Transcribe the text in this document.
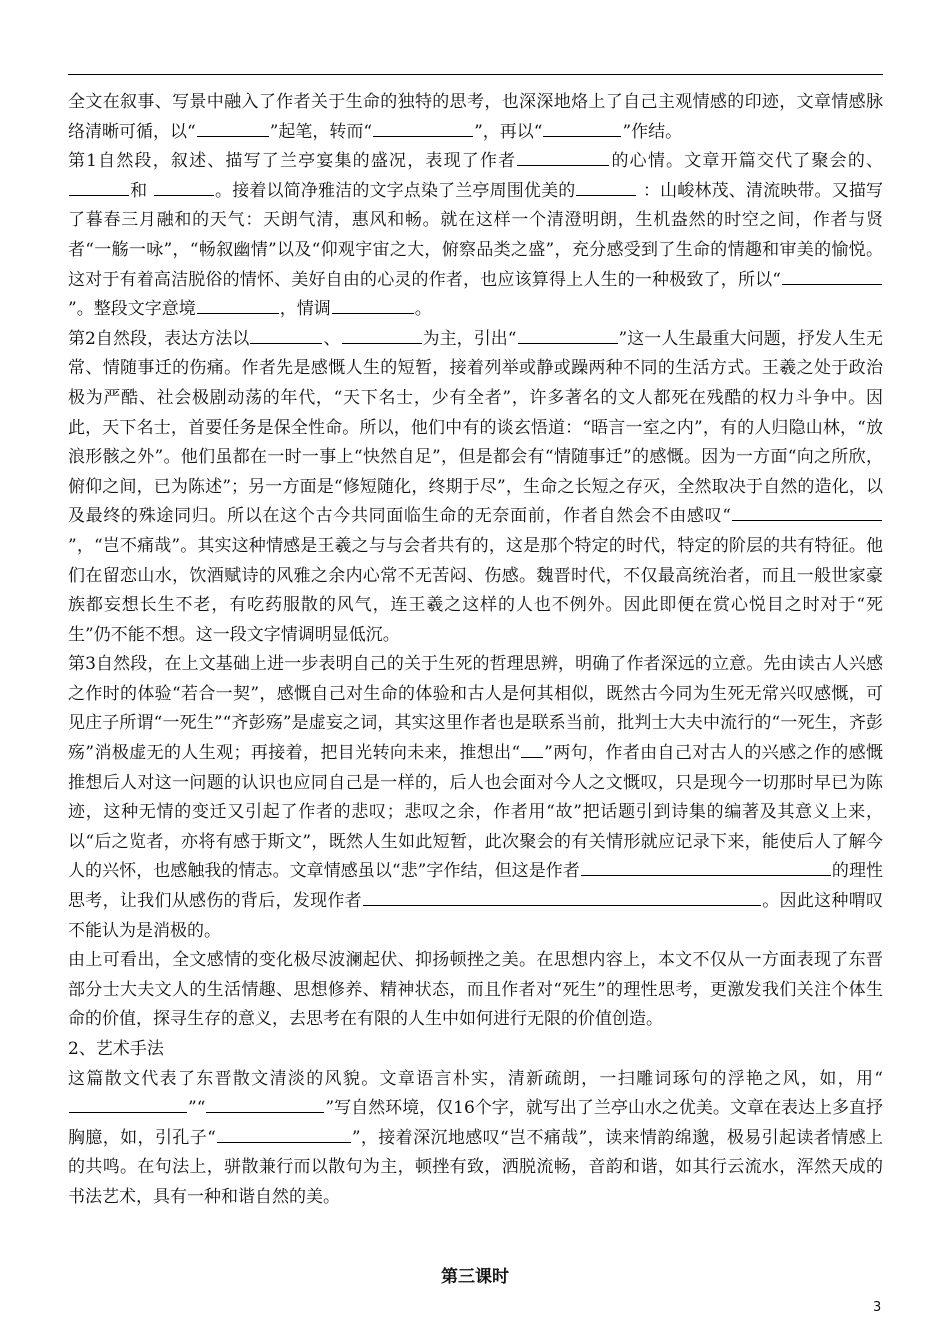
全文在叙事、写景中融入了作者关于生命的独特的思考，也深深地烙上了自己主观情感的印迹，文章情感脉络清晰可循，以“	”起笔，转而“	”，再以“	”作结。

第1自然段，叙述、描写了兰亭宴集的盛况，表现了作者	的心情。文章开篇交代了聚会的、和	。接着以简净雅洁的文字点染了兰亭周围优美的	：山峻林茂、清流映带。又描写了暮春三月融和的天气：天朗气清，惠风和畅。就在这样一个清澄明朗，生机盎然的时空之间，作者与贤者“一觞一咏”，“畅叙幽情”以及“仰观宇宙之大，俯察品类之盛”，充分感受到了生命的情趣和审美的愉悦。这对于有着高洁脱俗的情怀、美好自由的心灵的作者，也应该算得上人生的一种极致了，所以“”。整段文字意境	，情调	。

第2自然段，表达方法以	、	为主，引出“	”这一人生最重大问题，抒发人生无常、情随事迁的伤痛。作者先是感慨人生的短暂，接着列举或静或躁两种不同的生活方式。王羲之处于政治极为严酷、社会极剧动荡的年代，“天下名士，少有全者”，许多著名的文人都死在残酷的权力斗争中。因此，天下名士，首要任务是保全性命。所以，他们中有的谈玄悟道：“晤言一室之内”，有的人归隐山林，“放浪形骸之外”。他们虽都在一时一事上“快然自足”，但是都会有“情随事迁”的感慨。因为一方面“向之所欣，俯仰之间，已为陈述”；另一方面是“修短随化，终期于尽”，生命之长短之存灭，全然取决于自然的造化，以及最终的殊途同归。所以在这个古今共同面临生命的无奈面前，作者自然会不由感叹“”，“岂不痛哉”。其实这种情感是王羲之与与会者共有的，这是那个特定的时代，特定的阶层的共有特征。他们在留恋山水，饮酒赋诗的风雅之余内心常不无苦闷、伤感。魏晋时代，不仅最高统治者，而且一般世家豪族都妄想长生不老，有吃药服散的风气，连王羲之这样的人也不例外。因此即便在赏心悦目之时对于“死生”仍不能不想。这一段文字情调明显低沉。

第3自然段，在上文基础上进一步表明自己的关于生死的哲理思辨，明确了作者深远的立意。先由读古人兴感之作时的体验“若合一契”，感慨自己对生命的体验和古人是何其相似，既然古今同为生死无常兴叹感慨，可见庄子所谓“一死生”“齐彭殇”是虚妄之词，其实这里作者也是联系当前，批判士大夫中流行的“一死生，齐彭殇”消极虚无的人生观；再接着，把目光转向未来，推想出“ ”两句，作者由自己对古人的兴感之作的感慨推想后人对这一问题的认识也应同自己是一样的，后人也会面对今人之文慨叹，只是现今一切那时早已为陈迹，这种无情的变迁又引起了作者的悲叹；悲叹之余，作者用“故”把话题引到诗集的编著及其意义上来，以“后之览者，亦将有感于斯文”，既然人生如此短暂，此次聚会的有关情形就应记录下来，能使后人了解今人的兴怀，也感触我的情志。文章情感虽以“悲”字作结，但这是作者	的理性思考，让我们从感伤的背后，发现作者	。因此这种喟叹不能认为是消极的。

由上可看出，全文感情的变化极尽波澜起伏、抑扬顿挫之美。在思想内容上，本文不仅从一方面表现了东晋部分士大夫文人的生活情趣、思想修养、精神状态，而且作者对“死生”的理性思考，更激发我们关注个体生命的价值，探寻生存的意义，去思考在有限的人生中如何进行无限的价值创造。

2、艺术手法

这篇散文代表了东晋散文清淡的风貌。文章语言朴实，清新疏朗，一扫雕词琢句的浮艳之风，如，用“”“	”写自然环境，仅16个字，就写出了兰亭山水之优美。文章在表达上多直抒胸臆，如，引孔子“	”，接着深沉地感叹“岂不痛哉”，读来情韵绵邈，极易引起读者情感上的共鸣。在句法上，骈散兼行而以散句为主，顿挫有致，洒脱流畅，音韵和谐，如其行云流水，浑然天成的书法艺术，具有一种和谐自然的美。

第三课时
3
